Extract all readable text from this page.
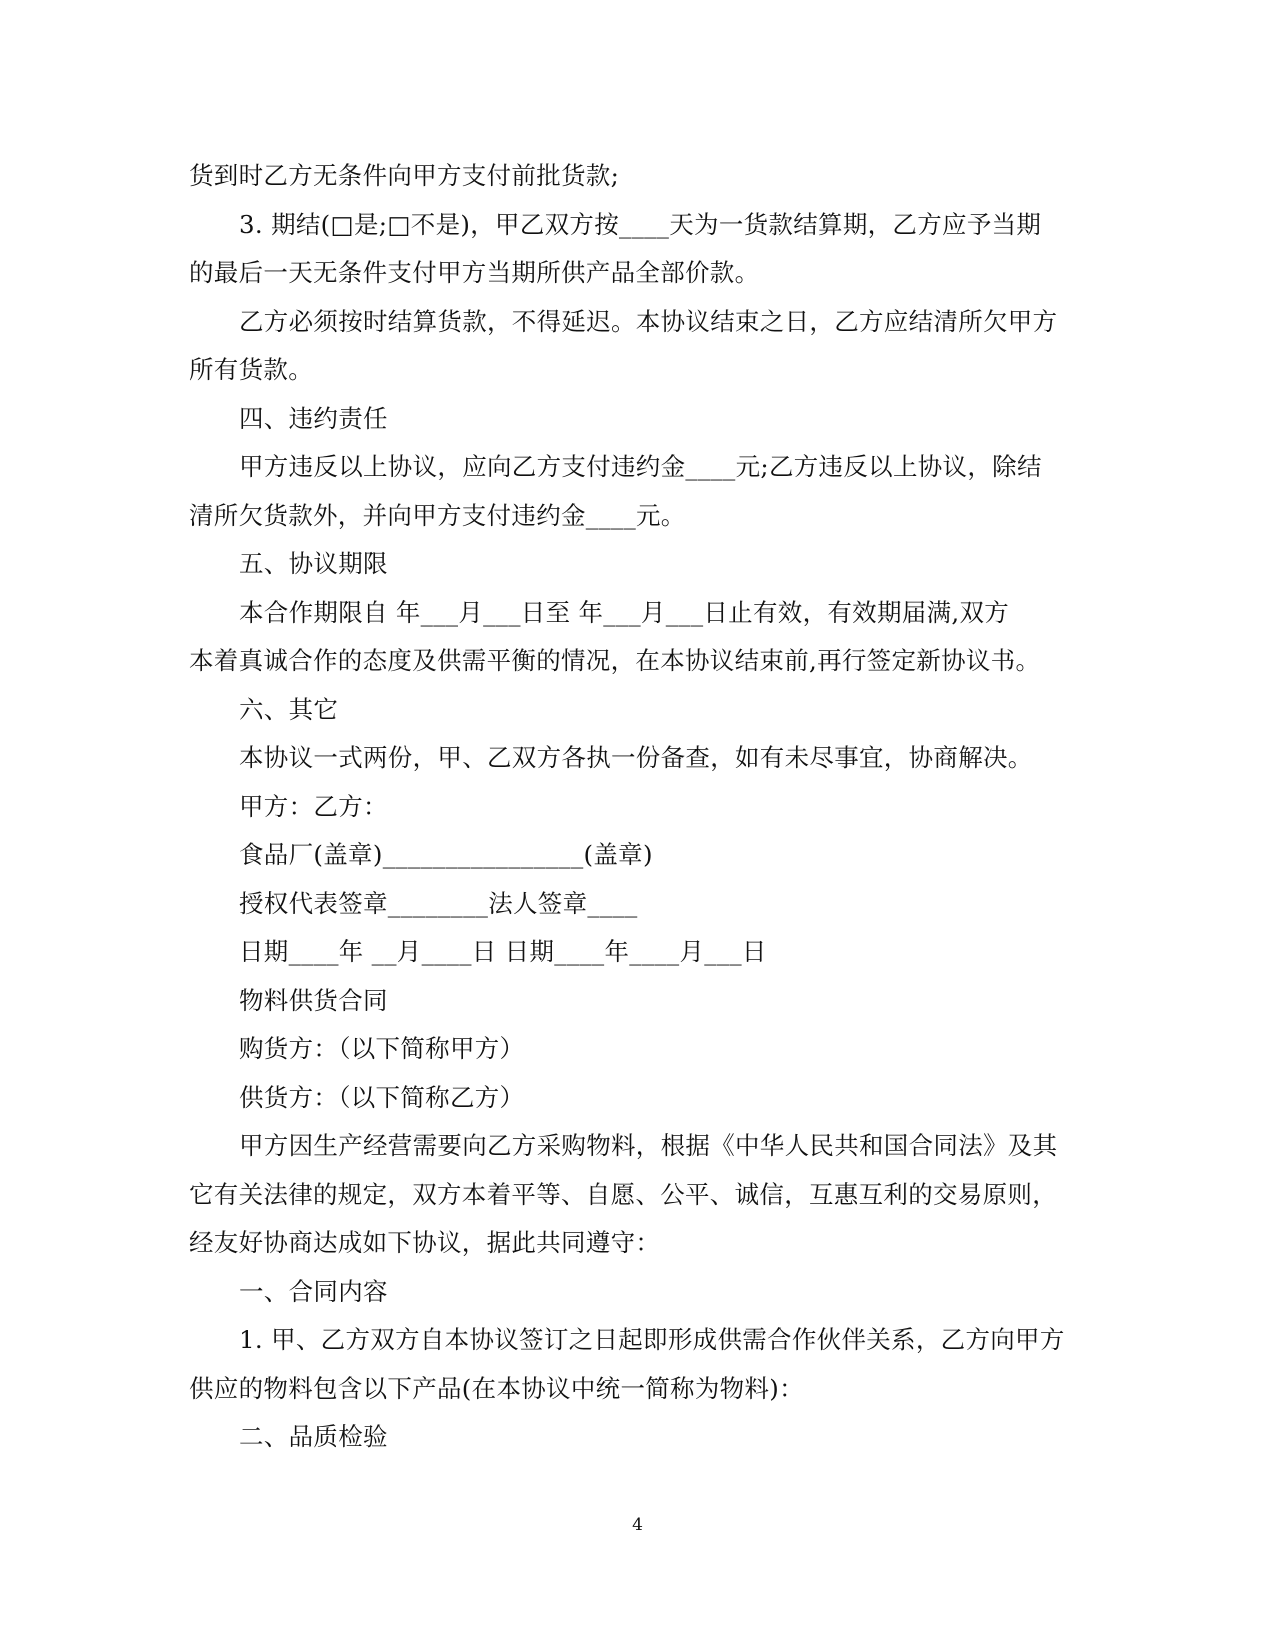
货到时乙方无条件向甲方支付前批货款;
3. 期结(□是;□不是)，甲乙双方按____天为一货款结算期，乙方应予当期
的最后一天无条件支付甲方当期所供产品全部价款。
乙方必须按时结算货款，不得延迟。本协议结束之日，乙方应结清所欠甲方
所有货款。
四、违约责任
甲方违反以上协议，应向乙方支付违约金____元;乙方违反以上协议，除结
清所欠货款外，并向甲方支付违约金____元。
五、协议期限
本合作期限自 年___月___日至 年___月___日止有效，有效期届满,双方
本着真诚合作的态度及供需平衡的情况，在本协议结束前,再行签定新协议书。
六、其它
本协议一式两份，甲、乙双方各执一份备查，如有未尽事宜，协商解决。
甲方：乙方：
食品厂(盖章)________________(盖章)
授权代表签章________法人签章____
日期____年 __月____日 日期____年____月___日
物料供货合同
购货方：（以下简称甲方）
供货方：（以下简称乙方）
甲方因生产经营需要向乙方采购物料，根据《中华人民共和国合同法》及其
它有关法律的规定，双方本着平等、自愿、公平、诚信，互惠互利的交易原则，
经友好协商达成如下协议，据此共同遵守：
一、合同内容
1. 甲、乙方双方自本协议签订之日起即形成供需合作伙伴关系，乙方向甲方
供应的物料包含以下产品(在本协议中统一简称为物料)：
二、品质检验
4
